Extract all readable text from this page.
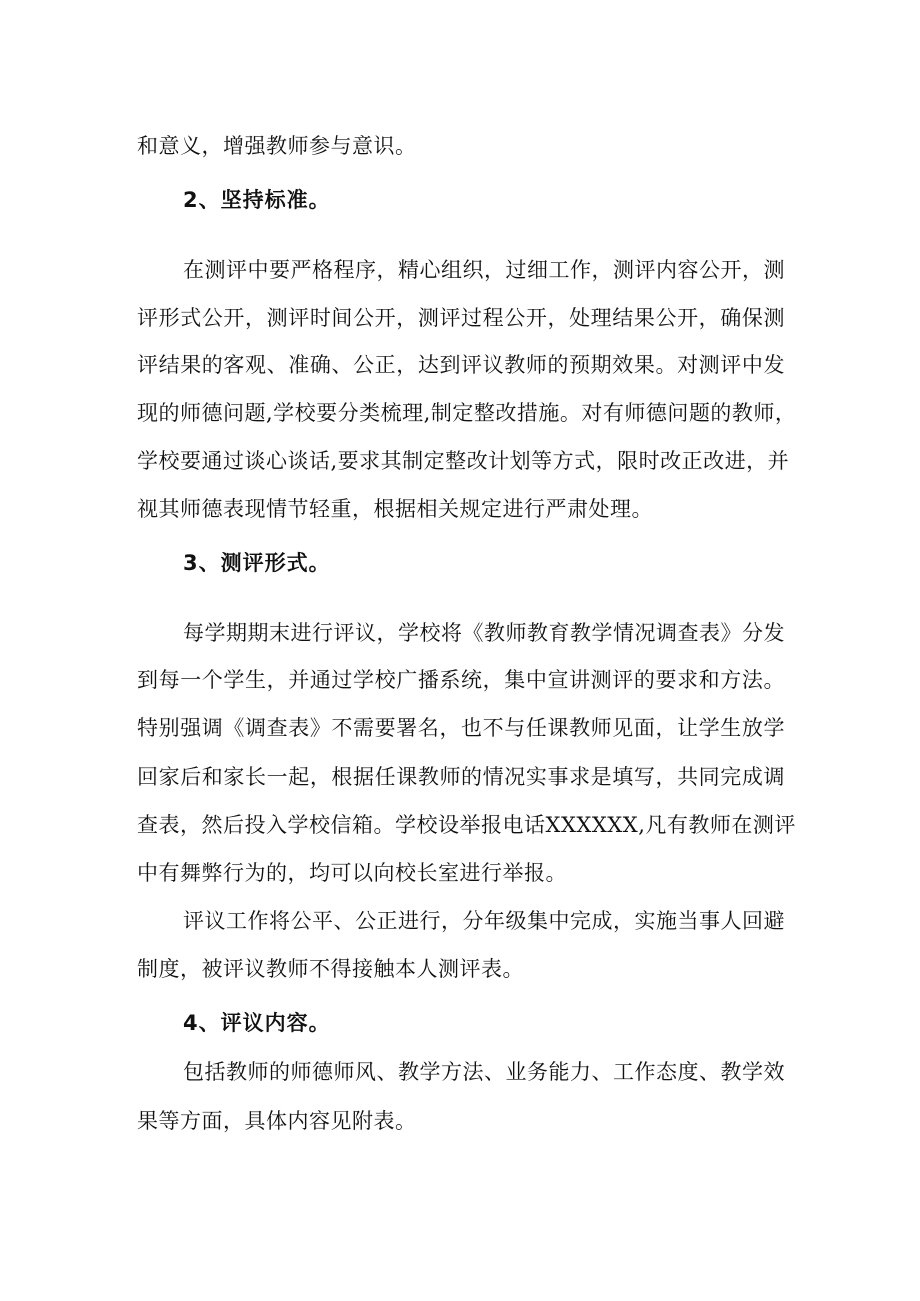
和意义，增强教师参与意识。
2、坚持标准。
在测评中要严格程序，精心组织，过细工作，测评内容公开，测
评形式公开，测评时间公开，测评过程公开，处理结果公开，确保测
评结果的客观、准确、公正，达到评议教师的预期效果。对测评中发
现的师德问题,学校要分类梳理,制定整改措施。对有师德问题的教师，
学校要通过谈心谈话,要求其制定整改计划等方式，限时改正改进，并
视其师德表现情节轻重，根据相关规定进行严肃处理。
3、测评形式。
每学期期末进行评议，学校将《教师教育教学情况调查表》分发
到每一个学生，并通过学校广播系统，集中宣讲测评的要求和方法。
特别强调《调查表》不需要署名，也不与任课教师见面，让学生放学
回家后和家长一起，根据任课教师的情况实事求是填写，共同完成调
查表，然后投入学校信箱。学校设举报电话XXXXXX,凡有教师在测评
中有舞弊行为的，均可以向校长室进行举报。
评议工作将公平、公正进行，分年级集中完成，实施当事人回避
制度，被评议教师不得接触本人测评表。
4、评议内容。
包括教师的师德师风、教学方法、业务能力、工作态度、教学效
果等方面，具体内容见附表。
